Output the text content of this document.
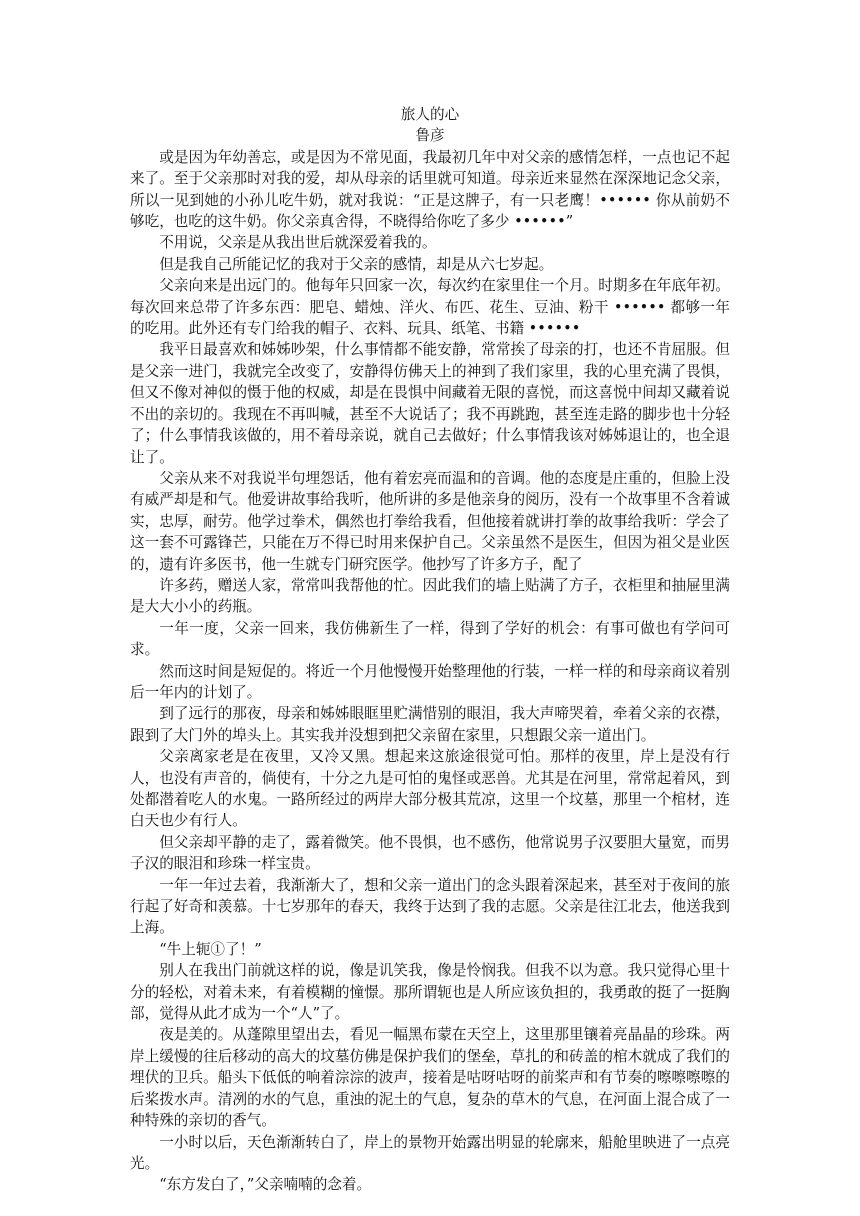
旅人的心

鲁彦

或是因为年幼善忘，或是因为不常见面，我最初几年中对父亲的感情怎样，一点也记不起来了。至于父亲那时对我的爱，却从母亲的话里就可知道。母亲近来显然在深深地记念父亲，所以一见到她的小孙儿吃牛奶，就对我说：“正是这牌子，有一只老鹰！•••••• 你从前奶不够吃，也吃的这牛奶。你父亲真舍得，不晓得给你吃了多少 ••••••”

不用说，父亲是从我出世后就深爱着我的。

但是我自己所能记忆的我对于父亲的感情，却是从六七岁起。

父亲向来是出远门的。他每年只回家一次，每次约在家里住一个月。时期多在年底年初。每次回来总带了许多东西：肥皂、蜡烛、洋火、布匹、花生、豆油、粉干 •••••• 都够一年的吃用。此外还有专门给我的帽子、衣料、玩具、纸笔、书籍 ••••••

我平日最喜欢和姊姊吵架，什么事情都不能安静，常常挨了母亲的打，也还不肯屈服。但是父亲一进门，我就完全改变了，安静得仿佛天上的神到了我们家里，我的心里充满了畏惧，但又不像对神似的慑于他的权威，却是在畏惧中间藏着无限的喜悦，而这喜悦中间却又藏着说不出的亲切的。我现在不再叫喊，甚至不大说话了；我不再跳跑，甚至连走路的脚步也十分轻了；什么事情我该做的，用不着母亲说，就自己去做好；什么事情我该对姊姊退让的，也全退让了。

父亲从来不对我说半句埋怨话，他有着宏亮而温和的音调。他的态度是庄重的，但脸上没有威严却是和气。他爱讲故事给我听，他所讲的多是他亲身的阅历，没有一个故事里不含着诚实，忠厚，耐劳。他学过拳术，偶然也打拳给我看，但他接着就讲打拳的故事给我听：学会了这一套不可露锋芒，只能在万不得已时用来保护自己。父亲虽然不是医生，但因为祖父是业医的，遗有许多医书，他一生就专门研究医学。他抄写了许多方子，配了

许多药，赠送人家，常常叫我帮他的忙。因此我们的墙上贴满了方子，衣柜里和抽屉里满是大大小小的药瓶。

一年一度，父亲一回来，我仿佛新生了一样，得到了学好的机会：有事可做也有学问可求。

然而这时间是短促的。将近一个月他慢慢开始整理他的行装，一样一样的和母亲商议着别后一年内的计划了。

到了远行的那夜，母亲和姊姊眼眶里贮满惜别的眼泪，我大声啼哭着，牵着父亲的衣襟，跟到了大门外的埠头上。其实我并没想到把父亲留在家里，只想跟父亲一道出门。

父亲离家老是在夜里，又冷又黑。想起来这旅途很觉可怕。那样的夜里，岸上是没有行人，也没有声音的，倘使有，十分之九是可怕的鬼怪或恶兽。尤其是在河里，常常起着风，到处都潜着吃人的水鬼。一路所经过的两岸大部分极其荒凉，这里一个坟墓，那里一个棺材，连白天也少有行人。

但父亲却平静的走了，露着微笑。他不畏惧，也不感伤，他常说男子汉要胆大量宽，而男子汉的眼泪和珍珠一样宝贵。

一年一年过去着，我渐渐大了，想和父亲一道出门的念头跟着深起来，甚至对于夜间的旅行起了好奇和羡慕。十七岁那年的春天，我终于达到了我的志愿。父亲是往江北去，他送我到上海。

“牛上轭①了！”

别人在我出门前就这样的说，像是讥笑我，像是怜悯我。但我不以为意。我只觉得心里十分的轻松，对着未来，有着模糊的憧憬。那所谓轭也是人所应该负担的，我勇敢的挺了一挺胸部，觉得从此才成为一个“人”了。

夜是美的。从蓬隙里望出去，看见一幅黑布蒙在天空上，这里那里镶着亮晶晶的珍珠。两岸上缓慢的往后移动的高大的坟墓仿佛是保护我们的堡垒，草扎的和砖盖的棺木就成了我们的埋伏的卫兵。船头下低低的响着淙淙的波声，接着是咕呀咕呀的前桨声和有节奏的嚓嚓嚓嚓的后桨拨水声。清冽的水的气息，重浊的泥土的气息，复杂的草木的气息，在河面上混合成了一种特殊的亲切的香气。

一小时以后，天色渐渐转白了，岸上的景物开始露出明显的轮廓来，船舱里映进了一点亮光。

“东方发白了，”父亲喃喃的念着。
